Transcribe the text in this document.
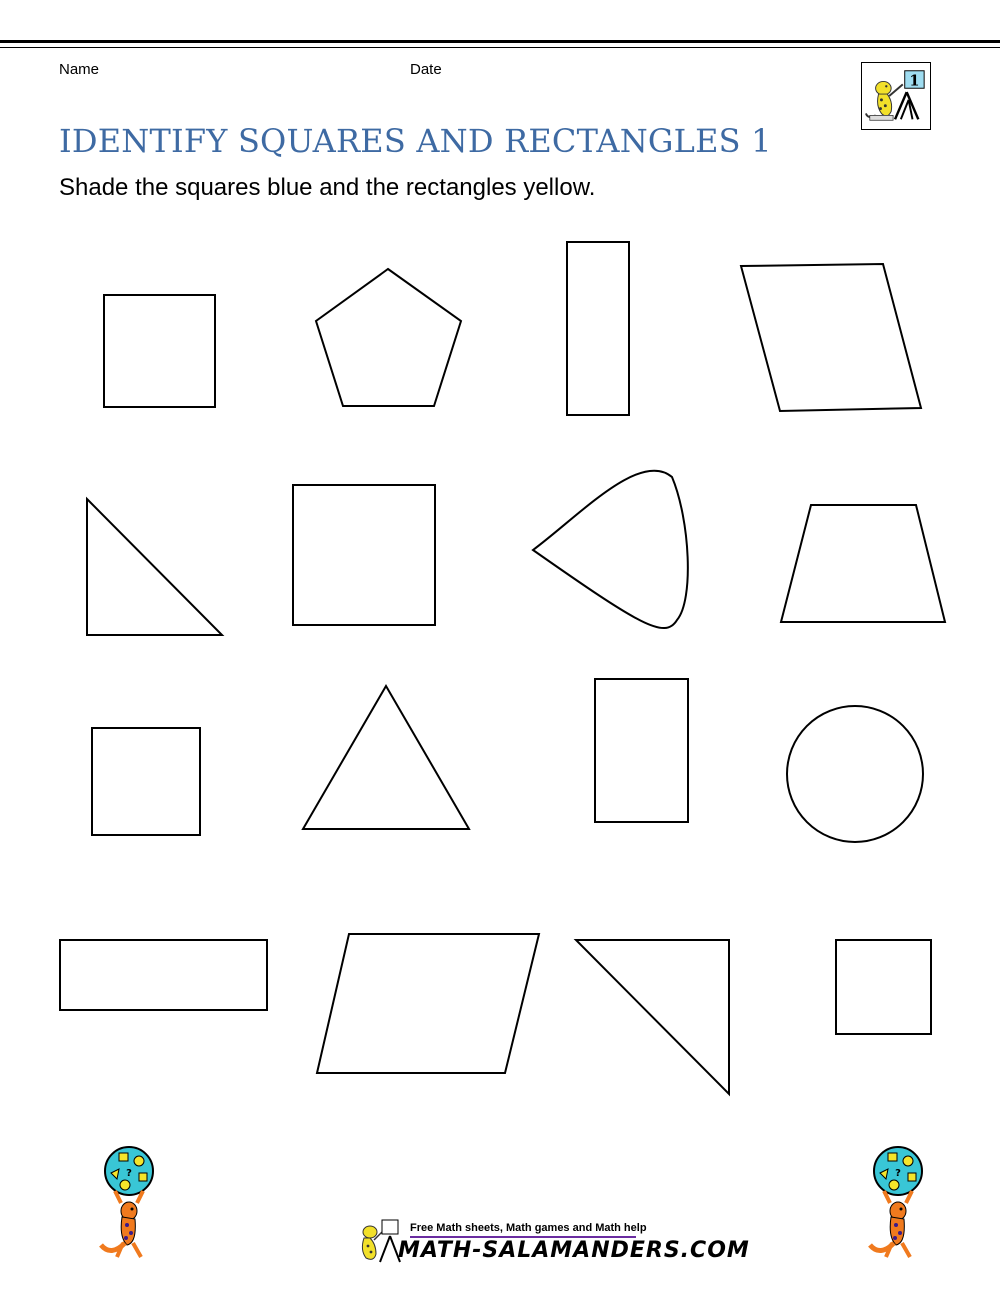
Name	Date
1
IDENTIFY SQUARES AND RECTANGLES 1

Shade the squares blue and the rectangles yellow.

?	?
Free Math sheets, Math games and Math help
MATH-SALAMANDERS.COM
